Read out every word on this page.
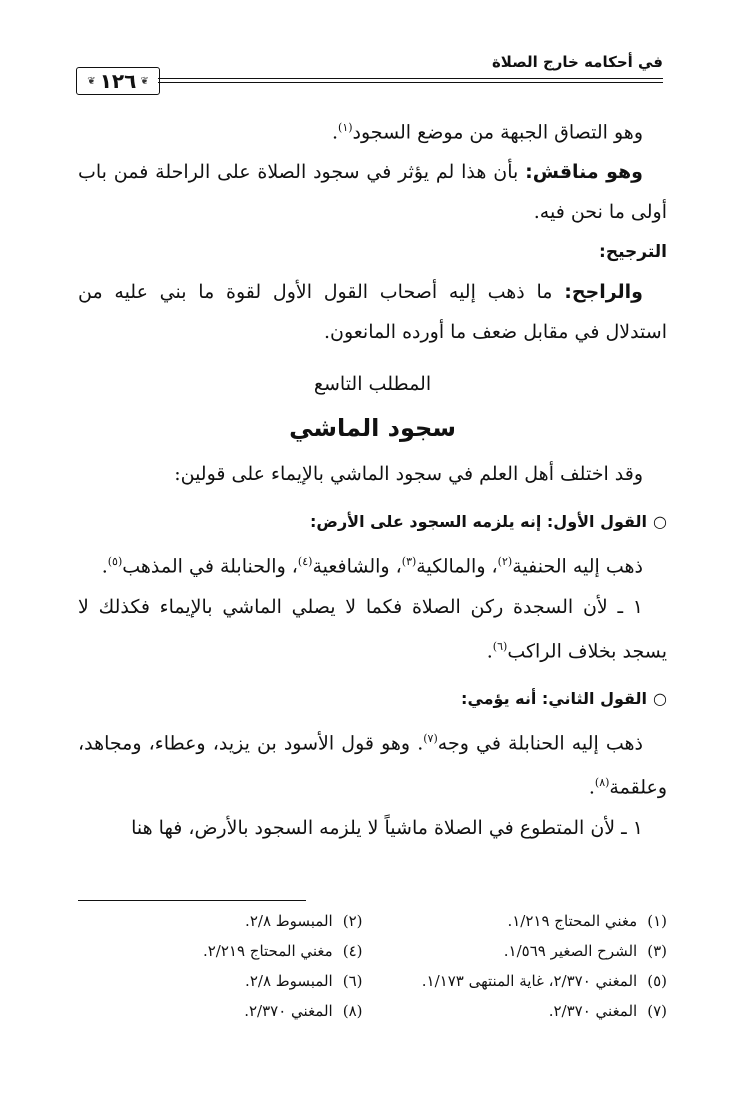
في أحكامه خارج الصلاة
❦
١٢٦
❦

وهو التصاق الجبهة من موضع السجود$^{(١)}$.

وهو مناقش: بأن هذا لم يؤثر في سجود الصلاة على الراحلة فمن باب أولى ما نحن فيه.

الترجيح:

والراجح: ما ذهب إليه أصحاب القول الأول لقوة ما بني عليه من استدلال في مقابل ضعف ما أورده المانعون.

المطلب التاسع

سجود الماشي

وقد اختلف أهل العلم في سجود الماشي بالإيماء على قولين:

○القول الأول: إنه يلزمه السجود على الأرض:

ذهب إليه الحنفية$^{(٢)}$، والمالكية$^{(٣)}$، والشافعية$^{(٤)}$، والحنابلة في المذهب$^{(٥)}$.

١ ـ لأن السجدة ركن الصلاة فكما لا يصلي الماشي بالإيماء فكذلك لا يسجد بخلاف الراكب$^{(٦)}$.

○القول الثاني: أنه يؤمي:

ذهب إليه الحنابلة في وجه$^{(٧)}$. وهو قول الأسود بن يزيد، وعطاء، ومجاهد، وعلقمة$^{(٨)}$.

١ ـ لأن المتطوع في الصلاة ماشياً لا يلزمه السجود بالأرض، فها هنا

(١)مغني المحتاج ١/٢١٩.
(٢)المبسوط ٢/٨.
(٣)الشرح الصغير ١/٥٦٩.
(٤)مغني المحتاج ٢/٢١٩.
(٥)المغني ٢/٣٧٠، غاية المنتهى ١/١٧٣.
(٦)المبسوط ٢/٨.
(٧)المغني ٢/٣٧٠.
(٨)المغني ٢/٣٧٠.
